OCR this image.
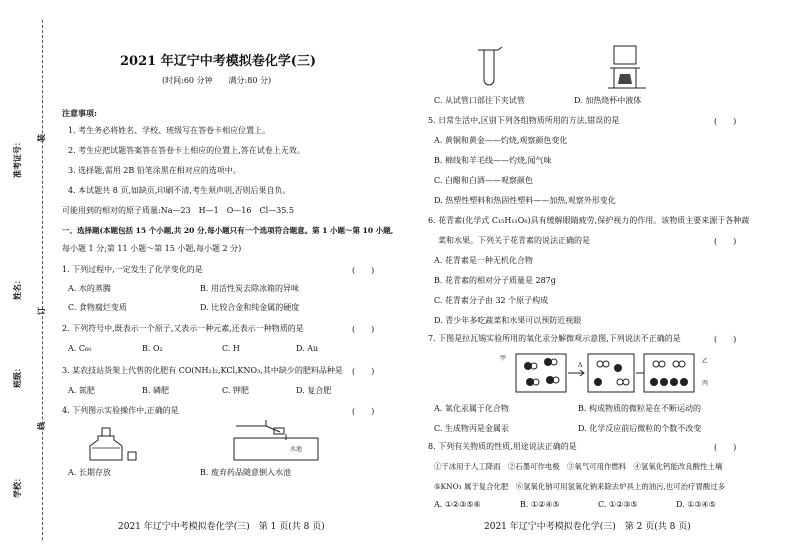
准考证号：
姓名：
班级：
学校：
装
订
线
2021 年辽宁中考模拟卷化学(三)
(时间:60 分钟　　满分:80 分)
注意事项:
1. 考生务必将姓名、学校、班级写在答卷卡相应位置上。
2. 考生应把试题答案答在答卷卡上相应的位置上,答在试卷上无效。
3. 选择题,需用 2B 铅笔涂黑在相对应的选项中。
4. 本试题共 8 页,如缺页,印刷不清,考生须声明,否则后果自负。
可能用到的相对的原子质量:Na—23　H—1　O—16　Cl—35.5
一、选择题(本题包括 15 个小题,共 20 分,每小题只有一个选项符合题意。第 1 小题～第 10 小题,
每小题 1 分;第 11 小题～第 15 小题,每小题 2 分)
1. 下列过程中,一定发生了化学变化的是	(　　)
A. 水的蒸腾	B. 用活性炭去除冰箱的异味
C. 食物腐烂变质	D. 比较合金和纯金属的硬度
2. 下列符号中,既表示一个原子,又表示一种元素,还表示一种物质的是	(　　)
A. C₆₀	B. O₂	C. H	D. Au
3. 某农技站货架上代售的化肥有 CO(NH₂)₂,KCl,KNO₃,其中缺少的肥料品种是 (　　)
A. 氮肥	B. 磷肥	C. 钾肥	D. 复合肥
4. 下列图示实验操作中,正确的是	(　　)
水池
A. 长期存放	B. 废弃药品随意倒入水池
2021 年辽宁中考模拟卷化学(三)　第 1 页(共 8 页)
C. 从试管口部往下夹试管	D. 加热烧杯中液体
5. 日常生活中,区别下列各组物质所用的方法,错误的是	(　　)
A. 黄铜和黄金——灼烧,观察颜色变化
B. 棉线和羊毛线——灼烧,闻气味
C. 白醋和白酒——观察颜色
D. 热塑性塑料和热固性塑料——加热,观察外形变化
6. 花青素(化学式 C₁₅H₁₁O₆)具有缓解眼睛疲劳,保护视力的作用。该物质主要来源于各种蔬
菜和水果。下列关于花青素的说法正确的是	(　　)
A. 花青素是一种无机化合物
B. 花青素的相对分子质量是 287g
C. 花青素分子由 32 个原子构成
D. 青少年多吃蔬菜和水果可以预防近视眼
7. 下图是拉瓦锡实验所用的氧化汞分解微观示意图,下列说法不正确的是	(　　)
甲
A
乙
丙
A. 氧化汞属于化合物	B. 构成物质的微粒是在不断运动的
C. 生成物丙是金属汞	D. 化学反应前后微粒的个数不改变
8. 下列有关物质的性质,用途说法正确的是	(　　)
①干冰用于人工降雨　②石墨可作电极　③氧气可用作燃料　④氢氧化钙能改良酸性土壤
⑤KNO₃ 属于复合化肥　⑥氢氧化钠可用氢氧化钠来除去炉具上的油污,也可治疗胃酸过多
A. ①②③⑤⑥	B. ①②④⑤	C. ①②③⑤	D. ①③④⑤
2021 年辽宁中考模拟卷化学(三)　第 2 页(共 8 页)
